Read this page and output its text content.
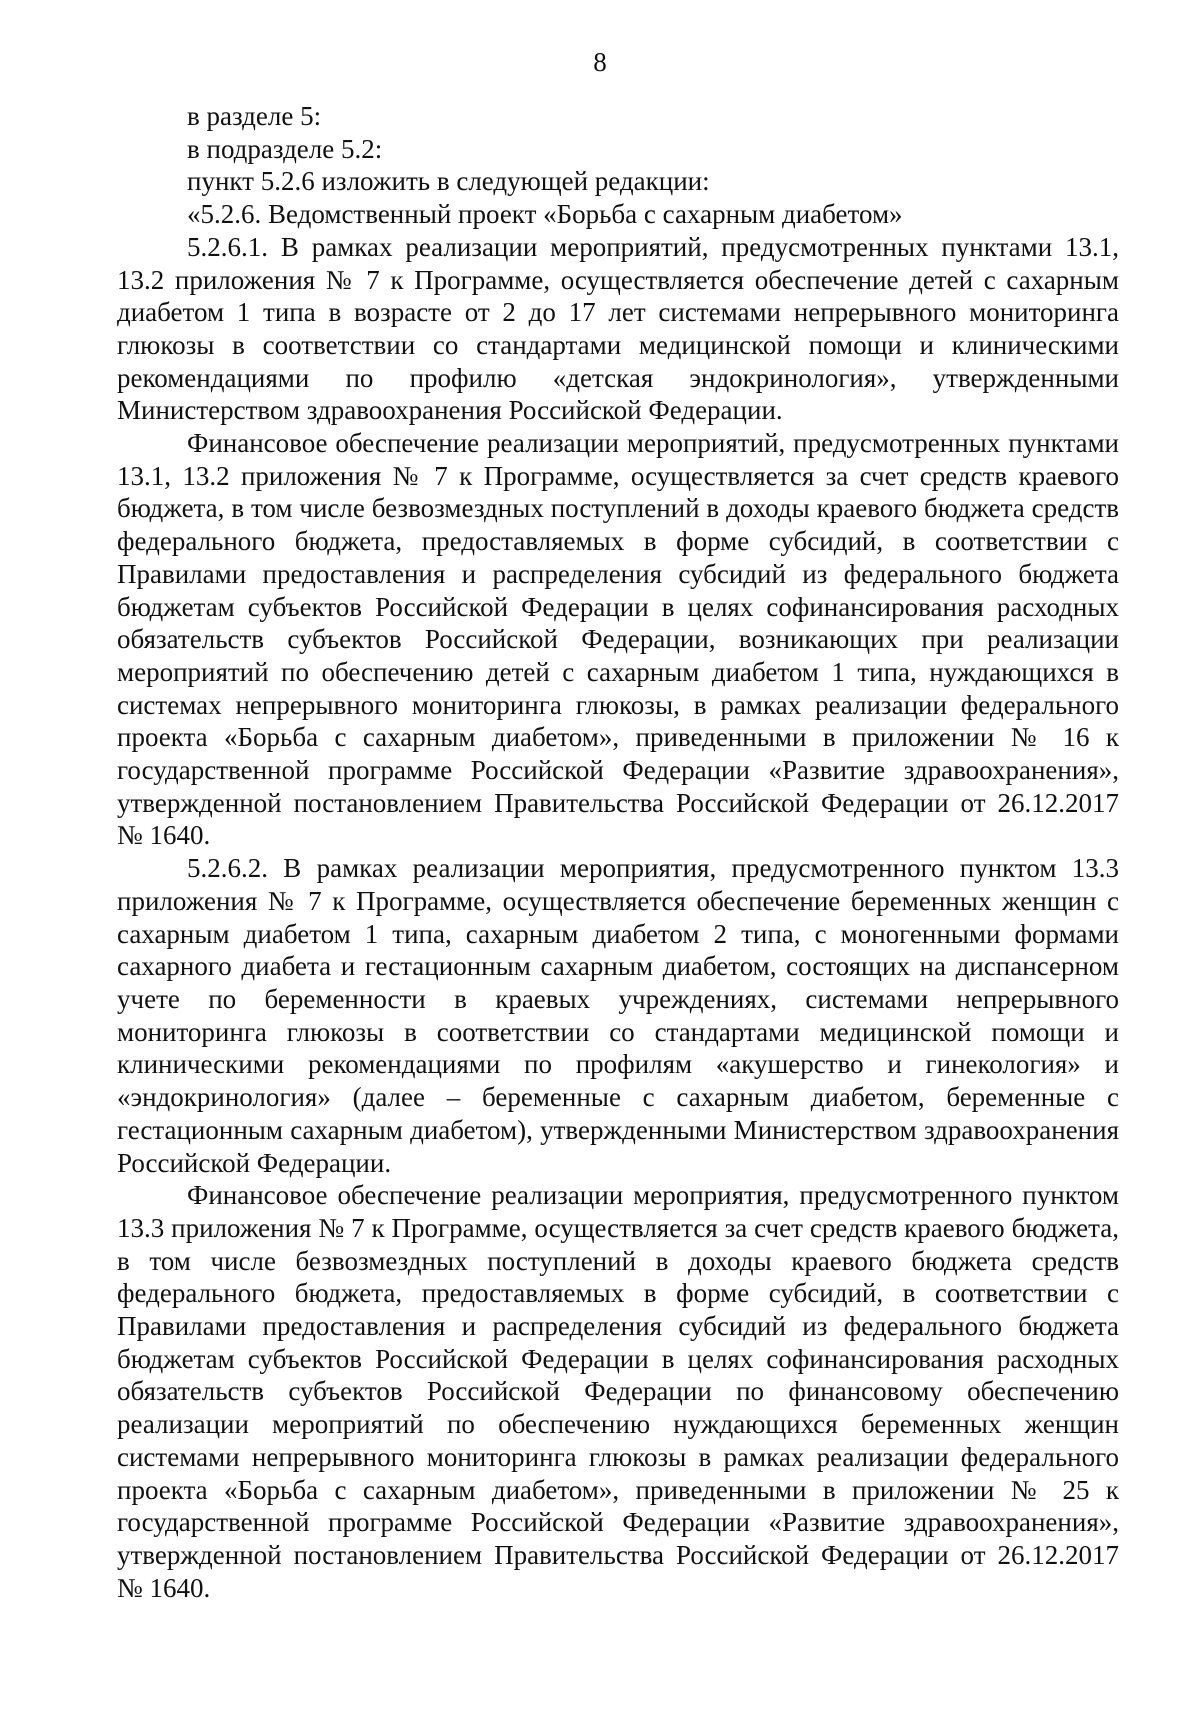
8

в разделе 5:

в подразделе 5.2:

пункт 5.2.6 изложить в следующей редакции:

«5.2.6. Ведомственный проект «Борьба с сахарным диабетом»

5.2.6.1. В рамках реализации мероприятий, предусмотренных пунктами 13.1, 13.2 приложения № 7 к Программе, осуществляется обеспечение детей с сахарным диабетом 1 типа в возрасте от 2 до 17 лет системами непрерывного мониторинга глюкозы в соответствии со стандартами медицинской помощи и клиническими рекомендациями по профилю «детская эндокринология», утвержденными Министерством здравоохранения Российской Федерации.

Финансовое обеспечение реализации мероприятий, предусмотренных пунктами 13.1, 13.2 приложения № 7 к Программе, осуществляется за счет средств краевого бюджета, в том числе безвозмездных поступлений в доходы краевого бюджета средств федерального бюджета, предоставляемых в форме субсидий, в соответствии с Правилами предоставления и распределения субсидий из федерального бюджета бюджетам субъектов Российской Федерации в целях софинансирования расходных обязательств субъектов Российской Федерации, возникающих при реализации мероприятий по обеспечению детей с сахарным диабетом 1 типа, нуждающихся в системах непрерывного мониторинга глюкозы, в рамках реализации федерального проекта «Борьба с сахарным диабетом», приведенными в приложении № 16 к государственной программе Российской Федерации «Развитие здравоохранения», утвержденной постановлением Правительства Российской Федерации от 26.12.2017 № 1640.

5.2.6.2. В рамках реализации мероприятия, предусмотренного пунктом 13.3 приложения № 7 к Программе, осуществляется обеспечение беременных женщин с сахарным диабетом 1 типа, сахарным диабетом 2 типа, с моногенными формами сахарного диабета и гестационным сахарным диабетом, состоящих на диспансерном учете по беременности в краевых учреждениях, системами непрерывного мониторинга глюкозы в соответствии со стандартами медицинской помощи и клиническими рекомендациями по профилям «акушерство и гинекология» и «эндокринология» (далее – беременные с сахарным диабетом, беременные с гестационным сахарным диабетом), утвержденными Министерством здравоохранения Российской Федерации.

Финансовое обеспечение реализации мероприятия, предусмотренного пунктом 13.3 приложения № 7 к Программе, осуществляется за счет средств краевого бюджета, в том числе безвозмездных поступлений в доходы краевого бюджета средств федерального бюджета, предоставляемых в форме субсидий, в соответствии с Правилами предоставления и распределения субсидий из федерального бюджета бюджетам субъектов Российской Федерации в целях софинансирования расходных обязательств субъектов Российской Федерации по финансовому обеспечению реализации мероприятий по обеспечению нуждающихся беременных женщин системами непрерывного мониторинга глюкозы в рамках реализации федерального проекта «Борьба с сахарным диабетом», приведенными в приложении № 25 к государственной программе Российской Федерации «Развитие здравоохранения», утвержденной постановлением Правительства Российской Федерации от 26.12.2017 № 1640.
